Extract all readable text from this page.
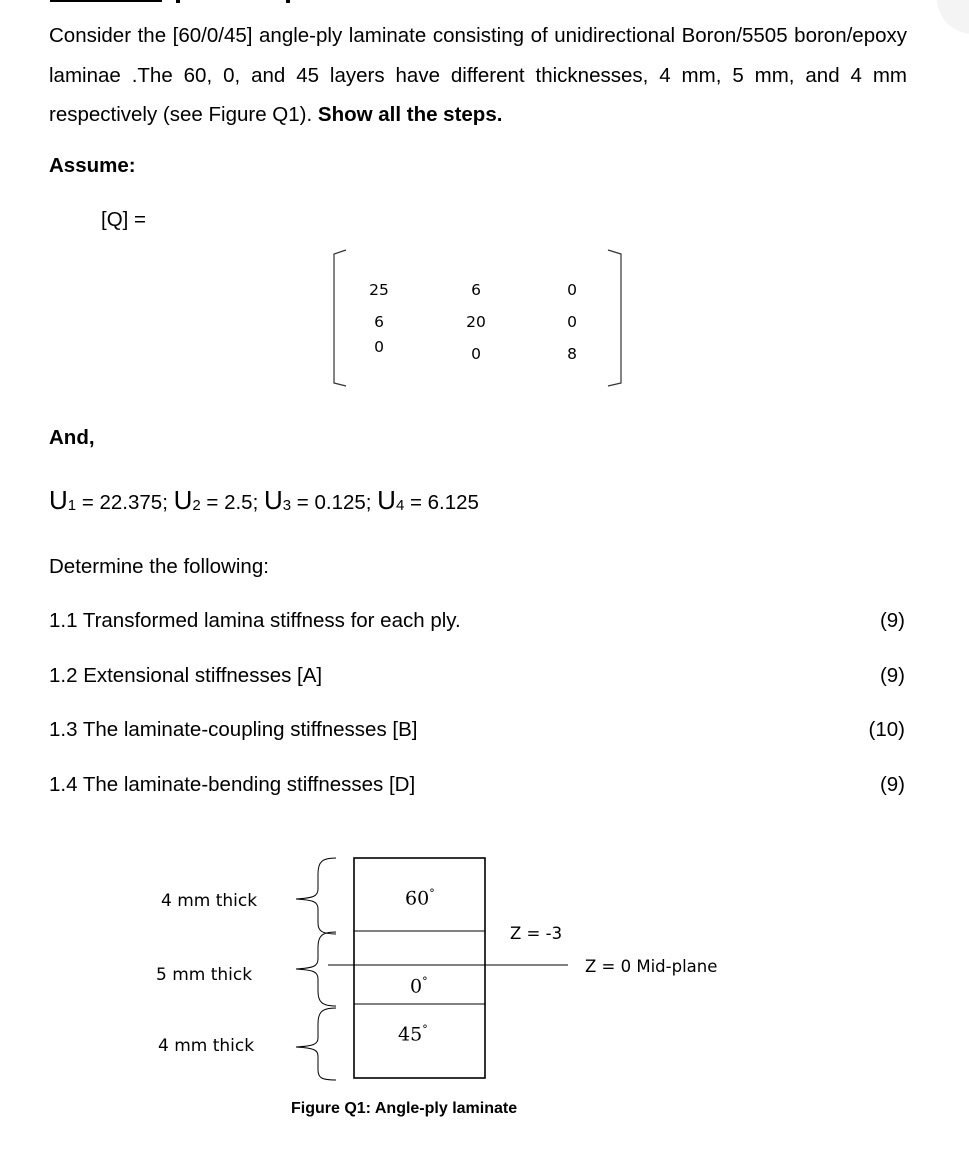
Consider the [60/0/45] angle-ply laminate consisting of unidirectional Boron/5505 boron/epoxy laminae .The 60, 0, and 45 layers have different thicknesses, 4 mm, 5 mm, and 4 mm respectively (see Figure Q1). Show all the steps.
Assume:
[Q] =
25	6	0
6	20	0
0	0	8
And,
$U_1 = 22.375$; $U_2 = 2.5$; $U_3 = 0.125$; $U_4 = 6.125$
Determine the following:
1.1 Transformed lamina stiffness for each ply.	(9)
1.2 Extensional stiffnesses [A]	(9)
1.3 The laminate-coupling stiffnesses [B]	(10)
1.4 The laminate-bending stiffnesses [D]	(9)
4 mm thick
5 mm thick
4 mm thick
60°
0°
45°
Z = -3
Z = 0 Mid-plane
Figure Q1: Angle-ply laminate
